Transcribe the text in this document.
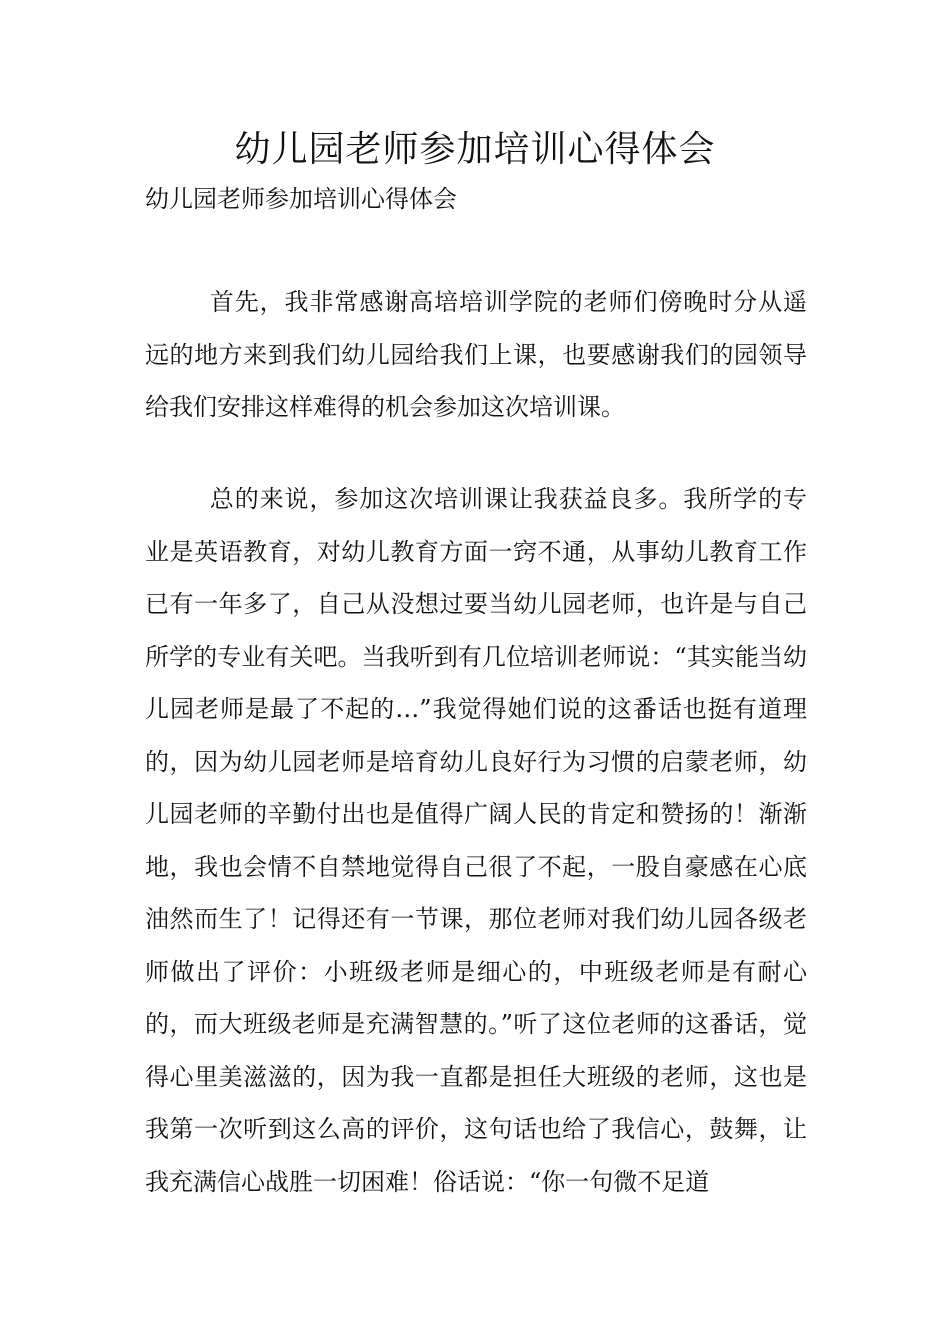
幼儿园老师参加培训心得体会

幼儿园老师参加培训心得体会

首先，我非常感谢高培培训学院的老师们傍晚时分从遥远的地方来到我们幼儿园给我们上课，也要感谢我们的园领导给我们安排这样难得的机会参加这次培训课。

总的来说，参加这次培训课让我获益良多。我所学的专业是英语教育，对幼儿教育方面一窍不通，从事幼儿教育工作已有一年多了，自己从没想过要当幼儿园老师，也许是与自己所学的专业有关吧。当我听到有几位培训老师说：“其实能当幼儿园老师是最了不起的…”我觉得她们说的这番话也挺有道理的，因为幼儿园老师是培育幼儿良好行为习惯的启蒙老师，幼儿园老师的辛勤付出也是值得广阔人民的肯定和赞扬的！渐渐地，我也会情不自禁地觉得自己很了不起，一股自豪感在心底油然而生了！记得还有一节课，那位老师对我们幼儿园各级老师做出了评价：小班级老师是细心的，中班级老师是有耐心的，而大班级老师是充满智慧的。”听了这位老师的这番话，觉得心里美滋滋的，因为我一直都是担任大班级的老师，这也是我第一次听到这么高的评价，这句话也给了我信心，鼓舞，让我充满信心战胜一切困难！俗话说：“你一句微不足道
